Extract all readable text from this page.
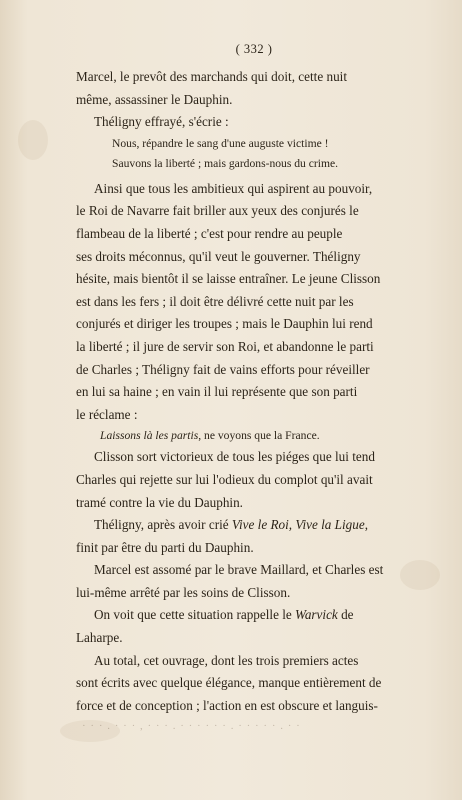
( 332 )

Marcel, le prevôt des marchands qui doit, cette nuit

même, assassiner le Dauphin.

Théligny effrayé, s'écrie :

Nous, répandre le sang d'une auguste victime !

Sauvons la liberté ; mais gardons-nous du crime.

Ainsi que tous les ambitieux qui aspirent au pouvoir,

le Roi de Navarre fait briller aux yeux des conjurés le

flambeau de la liberté ; c'est pour rendre au peuple

ses droits méconnus, qu'il veut le gouverner. Théligny

hésite, mais bientôt il se laisse entraîner. Le jeune Clisson

est dans les fers ; il doit être délivré cette nuit par les

conjurés et diriger les troupes ; mais le Dauphin lui rend

la liberté ; il jure de servir son Roi, et abandonne le parti

de Charles ; Théligny fait de vains efforts pour réveiller

en lui sa haine ; en vain il lui représente que son parti

le réclame :

Laissons là les partis, ne voyons que la France.

Clisson sort victorieux de tous les piéges que lui tend

Charles qui rejette sur lui l'odieux du complot qu'il avait

tramé contre la vie du Dauphin.

Théligny, après avoir crié Vive le Roi, Vive la Ligue,

finit par être du parti du Dauphin.

Marcel est assomé par le brave Maillard, et Charles est

lui-même arrêté par les soins de Clisson.

On voit que cette situation rappelle le Warvick de

Laharpe.

Au total, cet ouvrage, dont les trois premiers actes

sont écrits avec quelque élégance, manque entièrement de

force et de conception ; l'action en est obscure et languis-

· · · . · · · , · · · . · · · · · · . · · · · · . · ·
